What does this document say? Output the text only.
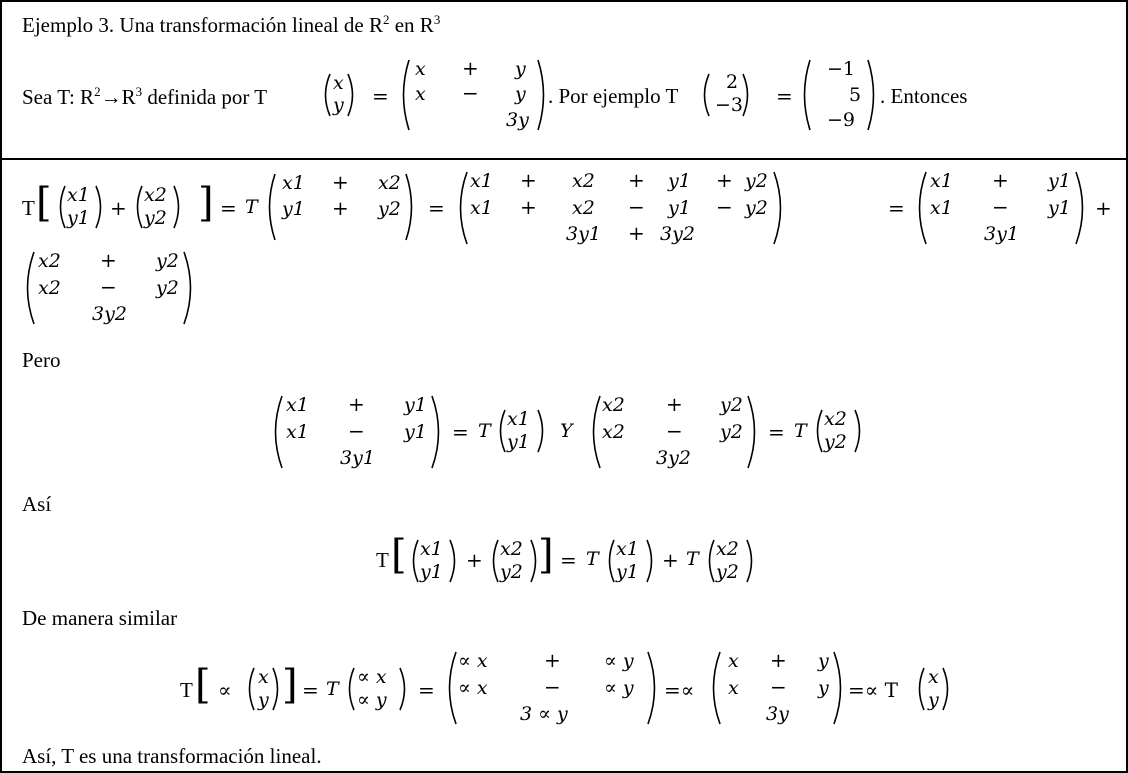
Ejemplo 3. Una transformación lineal de $R^2$ en $R^3$
Sea T: $R^2\to R^3$ definida por T
x
y =
x + y
x − y
3y
. Por ejemplo T
2
−3 =
−1
5
−9
. Entonces
T [ x1
y1 +
x2
y2 ] = T
x1 + x2
y1 + y2 =
x1 + x2 + y1 + y2
x1 + x2 − y1 − y2
3y1 + 3y2
=
x1 + y1
x1 − y1
3y1
+
x2 + y2
x2 − y2
3y2
Pero
x1 + y1
x1 − y1
3y1
= T
x1
y1 Y
x2 + y2
x2 − y2
3y2
= T
x2
y2
Así
T [ x1
y1 + x2
y2 ] = T x1
y1 + T x2
y2
De manera similar
T [ ∝
x
y ] = T
∝ x
∝ y =
∝ x	+ ∝ y
∝ x	− ∝ y
3 ∝ y
=∝
x + y
x − y
3y
=∝ T
x
y
Así, T es una transformación lineal.
